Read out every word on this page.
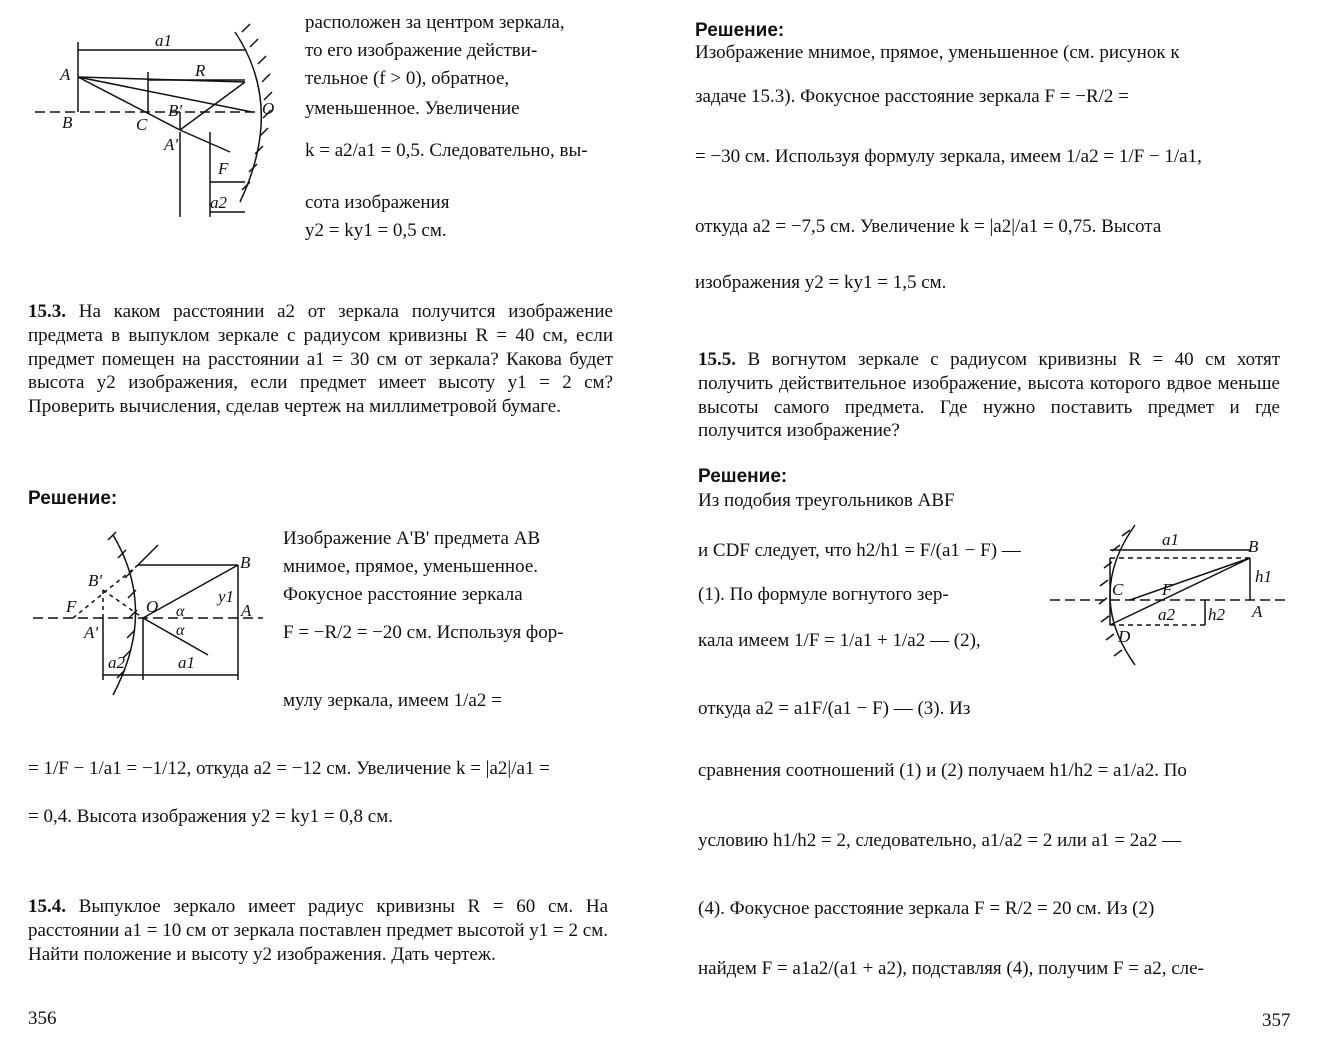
a1
R
A
B	C
B'
A'
O
F
a2
расположен за центром зеркала,
то его изображение действи-
тельное (f > 0), обратное,
уменьшенное. Увеличение
k = a2/a1 = 0,5. Следовательно, вы-
сота изображения
y2 = ky1 = 0,5 см.
15.3. На каком расстоянии a2 от зеркала получится изображение предмета в выпуклом зеркале с радиусом кривизны R = 40 см, если предмет помещен на расстоянии a1 = 30 см от зеркала? Какова будет высота y2 изображения, если предмет имеет высоту y1 = 2 см? Проверить вычисления, сделав чертеж на миллиметровой бумаге.
Решение:
B'
F
A'
O α
α
B
y1
A
a2	a1
Изображение A'B' предмета AB
мнимое, прямое, уменьшенное.
Фокусное расстояние зеркала
F = −R/2 = −20 см. Используя фор-
мулу зеркала, имеем 1/a2 =
= 1/F − 1/a1 = −1/12, откуда a2 = −12 см. Увеличение k = |a2|/a1 =
= 0,4. Высота изображения y2 = ky1 = 0,8 см.
15.4. Выпуклое зеркало имеет радиус кривизны R = 60 см. На расстоянии a1 = 10 см от зеркала поставлен предмет высотой y1 = 2 см. Найти положение и высоту y2 изображения. Дать чертеж.
356
Решение:
Изображение мнимое, прямое, уменьшенное (см. рисунок к
задаче 15.3). Фокусное расстояние зеркала F = −R/2 =
= −30 см. Используя формулу зеркала, имеем 1/a2 = 1/F − 1/a1,
откуда a2 = −7,5 см. Увеличение k = |a2|/a1 = 0,75. Высота
изображения y2 = ky1 = 1,5 см.
15.5. В вогнутом зеркале с радиусом кривизны R = 40 см хотят получить действительное изображение, высота которого вдвое меньше высоты самого предмета. Где нужно поставить предмет и где получится изображение?
Решение:
a1	B
C F
h1
a2 h2 A
D
Из подобия треугольников ABF
и CDF следует, что h2/h1 = F/(a1 − F) —
(1). По формуле вогнутого зер-
кала имеем 1/F = 1/a1 + 1/a2 — (2),
откуда a2 = a1F/(a1 − F) — (3). Из
сравнения соотношений (1) и (2) получаем h1/h2 = a1/a2. По
условию h1/h2 = 2, следовательно, a1/a2 = 2 или a1 = 2a2 —
(4). Фокусное расстояние зеркала F = R/2 = 20 см. Из (2)
найдем F = a1a2/(a1 + a2), подставляя (4), получим F = a2, сле-
357
